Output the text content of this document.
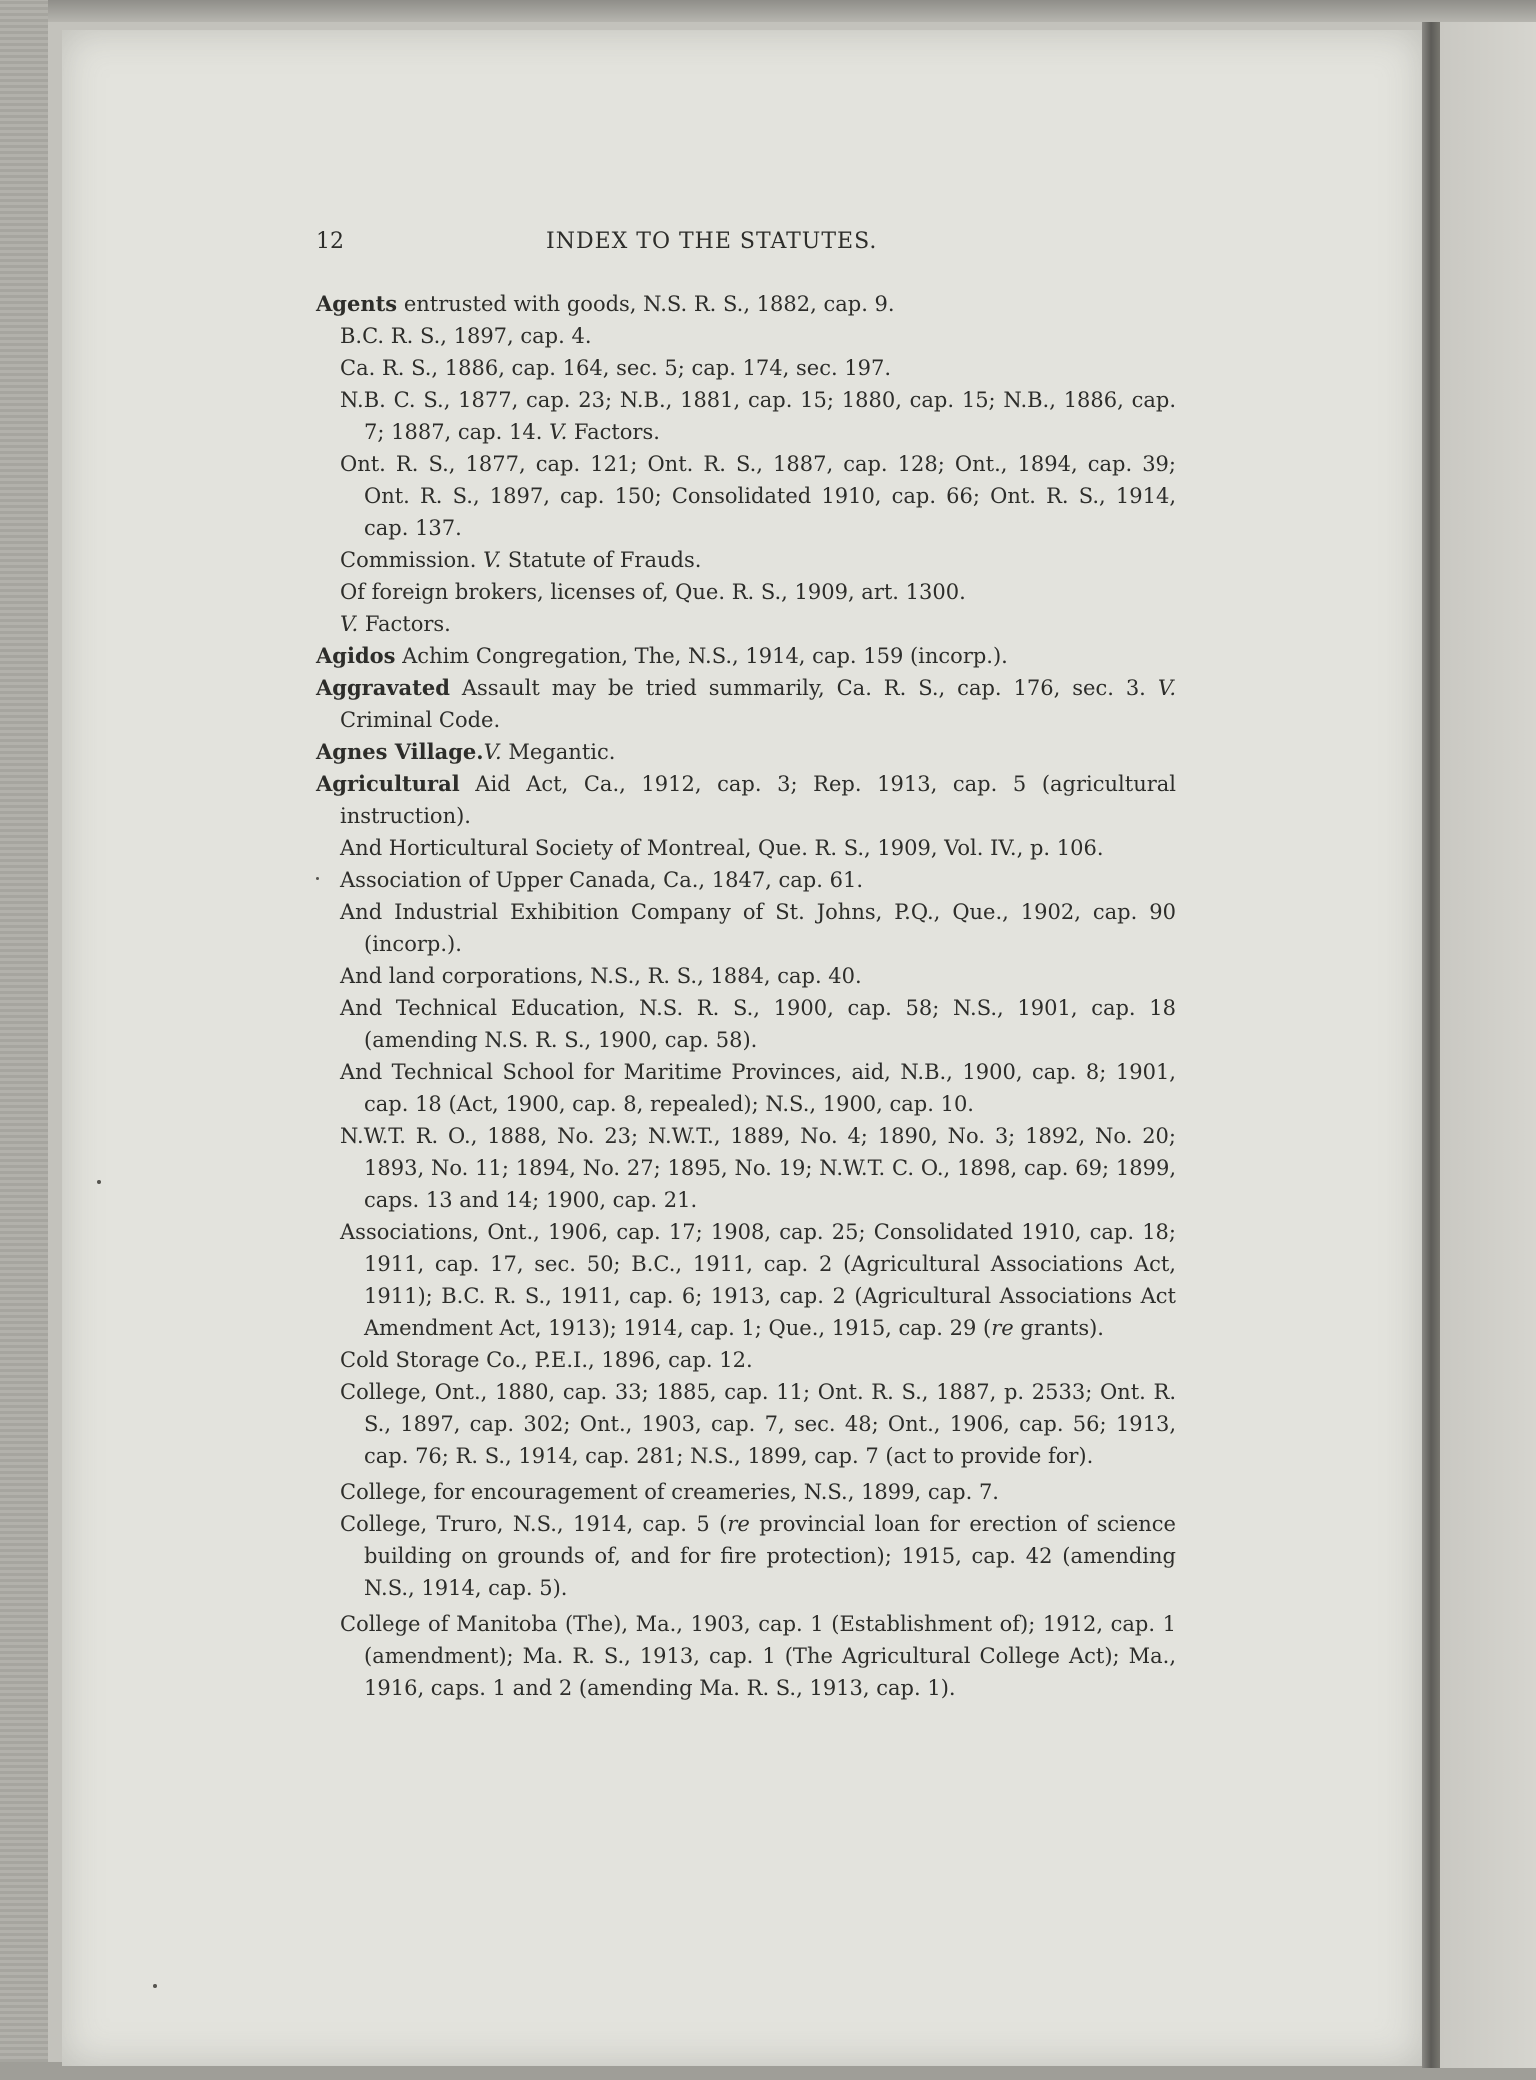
12	INDEX TO THE STATUTES.
Agents entrusted with goods, N.S. R. S., 1882, cap. 9.
B.C. R. S., 1897, cap. 4.
Ca. R. S., 1886, cap. 164, sec. 5; cap. 174, sec. 197.
N.B. C. S., 1877, cap. 23; N.B., 1881, cap. 15; 1880, cap. 15; N.B., 1886, cap. 7; 1887, cap. 14. V. Factors.
Ont. R. S., 1877, cap. 121; Ont. R. S., 1887, cap. 128; Ont., 1894, cap. 39; Ont. R. S., 1897, cap. 150; Consolidated 1910, cap. 66; Ont. R. S., 1914, cap. 137.
Commission. V. Statute of Frauds.
Of foreign brokers, licenses of, Que. R. S., 1909, art. 1300.
V. Factors.
Agidos Achim Congregation, The, N.S., 1914, cap. 159 (incorp.).
Aggravated Assault may be tried summarily, Ca. R. S., cap. 176, sec. 3. V. Criminal Code.
Agnes Village.V. Megantic.
Agricultural Aid Act, Ca., 1912, cap. 3; Rep. 1913, cap. 5 (agricultural instruction).
And Horticultural Society of Montreal, Que. R. S., 1909, Vol. IV., p. 106.
Association of Upper Canada, Ca., 1847, cap. 61.
And Industrial Exhibition Company of St. Johns, P.Q., Que., 1902, cap. 90 (incorp.).
And land corporations, N.S., R. S., 1884, cap. 40.
And Technical Education, N.S. R. S., 1900, cap. 58; N.S., 1901, cap. 18 (amending N.S. R. S., 1900, cap. 58).
And Technical School for Maritime Provinces, aid, N.B., 1900, cap. 8; 1901, cap. 18 (Act, 1900, cap. 8, repealed); N.S., 1900, cap. 10.
N.W.T. R. O., 1888, No. 23; N.W.T., 1889, No. 4; 1890, No. 3; 1892, No. 20; 1893, No. 11; 1894, No. 27; 1895, No. 19; N.W.T. C. O., 1898, cap. 69; 1899, caps. 13 and 14; 1900, cap. 21.
Associations, Ont., 1906, cap. 17; 1908, cap. 25; Consolidated 1910, cap. 18; 1911, cap. 17, sec. 50; B.C., 1911, cap. 2 (Agricultural Associations Act, 1911); B.C. R. S., 1911, cap. 6; 1913, cap. 2 (Agricultural Associations Act Amendment Act, 1913); 1914, cap. 1; Que., 1915, cap. 29 (re grants).
Cold Storage Co., P.E.I., 1896, cap. 12.
College, Ont., 1880, cap. 33; 1885, cap. 11; Ont. R. S., 1887, p. 2533; Ont. R. S., 1897, cap. 302; Ont., 1903, cap. 7, sec. 48; Ont., 1906, cap. 56; 1913, cap. 76; R. S., 1914, cap. 281; N.S., 1899, cap. 7 (act to provide for).
College, for encouragement of creameries, N.S., 1899, cap. 7.
College, Truro, N.S., 1914, cap. 5 (re provincial loan for erection of science building on grounds of, and for fire protection); 1915, cap. 42 (amending N.S., 1914, cap. 5).
College of Manitoba (The), Ma., 1903, cap. 1 (Establishment of); 1912, cap. 1 (amendment); Ma. R. S., 1913, cap. 1 (The Agricultural College Act); Ma., 1916, caps. 1 and 2 (amending Ma. R. S., 1913, cap. 1).
